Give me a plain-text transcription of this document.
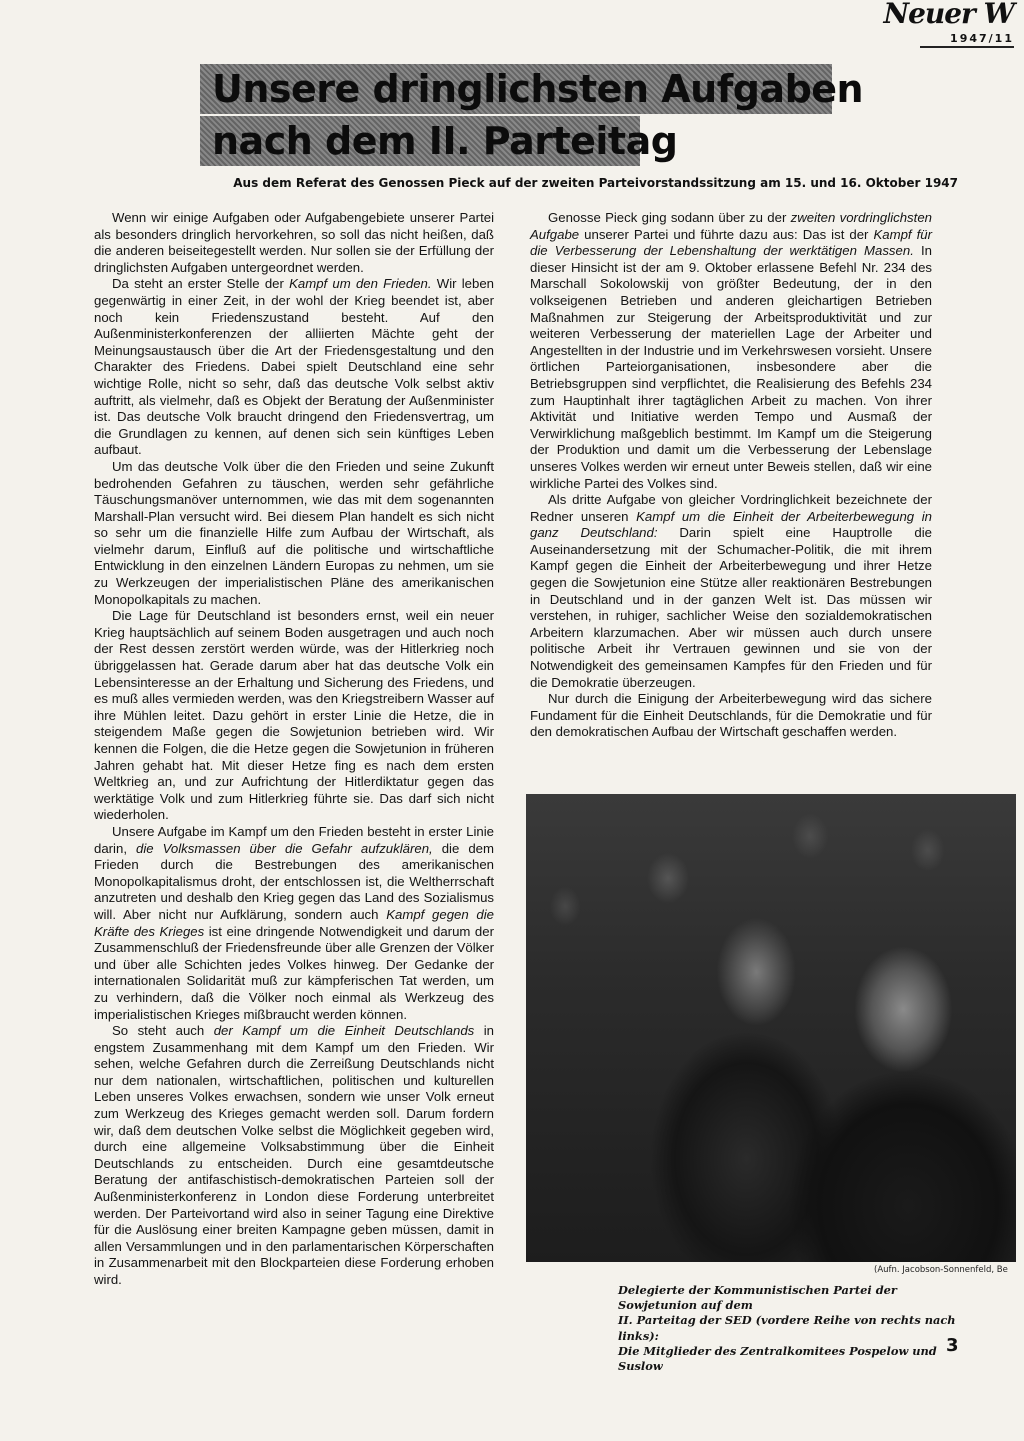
Neuer W
1947/11
Unsere dringlichsten Aufgaben
nach dem II. Parteitag

Aus dem Referat des Genossen Pieck auf der zweiten Parteivorstandssitzung am 15. und 16. Oktober 1947

Wenn wir einige Aufgaben oder Aufgabengebiete unserer Partei als besonders dringlich hervorkehren, so soll das nicht heißen, daß die anderen beiseitegestellt werden. Nur sollen sie der Erfüllung der dringlichsten Aufgaben untergeordnet werden.

Da steht an erster Stelle der Kampf um den Frieden. Wir leben gegenwärtig in einer Zeit, in der wohl der Krieg beendet ist, aber noch kein Friedenszustand besteht. Auf den Außenministerkonferenzen der alliierten Mächte geht der Meinungsaustausch über die Art der Friedensgestaltung und den Charakter des Friedens. Dabei spielt Deutschland eine sehr wichtige Rolle, nicht so sehr, daß das deutsche Volk selbst aktiv auftritt, als vielmehr, daß es Objekt der Beratung der Außenminister ist. Das deutsche Volk braucht dringend den Friedensvertrag, um die Grundlagen zu kennen, auf denen sich sein künftiges Leben aufbaut.

Um das deutsche Volk über die den Frieden und seine Zukunft bedrohenden Gefahren zu täuschen, werden sehr gefährliche Täuschungsmanöver unternommen, wie das mit dem sogenannten Marshall-Plan versucht wird. Bei diesem Plan handelt es sich nicht so sehr um die finanzielle Hilfe zum Aufbau der Wirtschaft, als vielmehr darum, Einfluß auf die politische und wirtschaftliche Entwicklung in den einzelnen Ländern Europas zu nehmen, um sie zu Werkzeugen der imperialistischen Pläne des amerikanischen Monopolkapitals zu machen.

Die Lage für Deutschland ist besonders ernst, weil ein neuer Krieg hauptsächlich auf seinem Boden ausgetragen und auch noch der Rest dessen zerstört werden würde, was der Hitlerkrieg noch übriggelassen hat. Gerade darum aber hat das deutsche Volk ein Lebensinteresse an der Erhaltung und Sicherung des Friedens, und es muß alles vermieden werden, was den Kriegstreibern Wasser auf ihre Mühlen leitet. Dazu gehört in erster Linie die Hetze, die in steigendem Maße gegen die Sowjetunion betrieben wird. Wir kennen die Folgen, die die Hetze gegen die Sowjetunion in früheren Jahren gehabt hat. Mit dieser Hetze fing es nach dem ersten Weltkrieg an, und zur Aufrichtung der Hitlerdiktatur gegen das werktätige Volk und zum Hitlerkrieg führte sie. Das darf sich nicht wiederholen.

Unsere Aufgabe im Kampf um den Frieden besteht in erster Linie darin, die Volksmassen über die Gefahr aufzuklären, die dem Frieden durch die Bestrebungen des amerikanischen Monopolkapitalismus droht, der entschlossen ist, die Weltherrschaft anzutreten und deshalb den Krieg gegen das Land des Sozialismus will. Aber nicht nur Aufklärung, sondern auch Kampf gegen die Kräfte des Krieges ist eine dringende Notwendigkeit und darum der Zusammenschluß der Friedensfreunde über alle Grenzen der Völker und über alle Schichten jedes Volkes hinweg. Der Gedanke der internationalen Solidarität muß zur kämpferischen Tat werden, um zu verhindern, daß die Völker noch einmal als Werkzeug des imperialistischen Krieges mißbraucht werden können.

So steht auch der Kampf um die Einheit Deutschlands in engstem Zusammenhang mit dem Kampf um den Frieden. Wir sehen, welche Gefahren durch die Zerreißung Deutschlands nicht nur dem nationalen, wirtschaftlichen, politischen und kulturellen Leben unseres Volkes erwachsen, sondern wie unser Volk erneut zum Werkzeug des Krieges gemacht werden soll. Darum fordern wir, daß dem deutschen Volke selbst die Möglichkeit gegeben wird, durch eine allgemeine Volksabstimmung über die Einheit Deutschlands zu entscheiden. Durch eine gesamtdeutsche Beratung der antifaschistisch-demokratischen Parteien soll der Außenministerkonferenz in London diese Forderung unterbreitet werden. Der Parteivortand wird also in seiner Tagung eine Direktive für die Auslösung einer breiten Kampagne geben müssen, damit in allen Versammlungen und in den parlamentarischen Körperschaften in Zusammenarbeit mit den Blockparteien diese Forderung erhoben wird.

Genosse Pieck ging sodann über zu der zweiten vordringlichsten Aufgabe unserer Partei und führte dazu aus: Das ist der Kampf für die Verbesserung der Lebenshaltung der werktätigen Massen. In dieser Hinsicht ist der am 9. Oktober erlassene Befehl Nr. 234 des Marschall Sokolowskij von größter Bedeutung, der in den volkseigenen Betrieben und anderen gleichartigen Betrieben Maßnahmen zur Steigerung der Arbeitsproduktivität und zur weiteren Verbesserung der materiellen Lage der Arbeiter und Angestellten in der Industrie und im Verkehrswesen vorsieht. Unsere örtlichen Parteiorganisationen, insbesondere aber die Betriebsgruppen sind verpflichtet, die Realisierung des Befehls 234 zum Hauptinhalt ihrer tagtäglichen Arbeit zu machen. Von ihrer Aktivität und Initiative werden Tempo und Ausmaß der Verwirklichung maßgeblich bestimmt. Im Kampf um die Steigerung der Produktion und damit um die Verbesserung der Lebenslage unseres Volkes werden wir erneut unter Beweis stellen, daß wir eine wirkliche Partei des Volkes sind.

Als dritte Aufgabe von gleicher Vordringlichkeit bezeichnete der Redner unseren Kampf um die Einheit der Arbeiterbewegung in ganz Deutschland: Darin spielt eine Hauptrolle die Auseinandersetzung mit der Schumacher-Politik, die mit ihrem Kampf gegen die Einheit der Arbeiterbewegung und ihrer Hetze gegen die Sowjetunion eine Stütze aller reaktionären Bestrebungen in Deutschland und in der ganzen Welt ist. Das müssen wir verstehen, in ruhiger, sachlicher Weise den sozialdemokratischen Arbeitern klarzumachen. Aber wir müssen auch durch unsere politische Arbeit ihr Vertrauen gewinnen und sie von der Notwendigkeit des gemeinsamen Kampfes für den Frieden und für die Demokratie überzeugen.

Nur durch die Einigung der Arbeiterbewegung wird das sichere Fundament für die Einheit Deutschlands, für die Demokratie und für den demokratischen Aufbau der Wirtschaft geschaffen werden.

(Aufn. Jacobson-Sonnenfeld, Be

Delegierte der Kommunistischen Partei der Sowjetunion auf dem
II. Parteitag der SED (vordere Reihe von rechts nach links):
Die Mitglieder des Zentralkomitees Pospelow und Suslow

3
